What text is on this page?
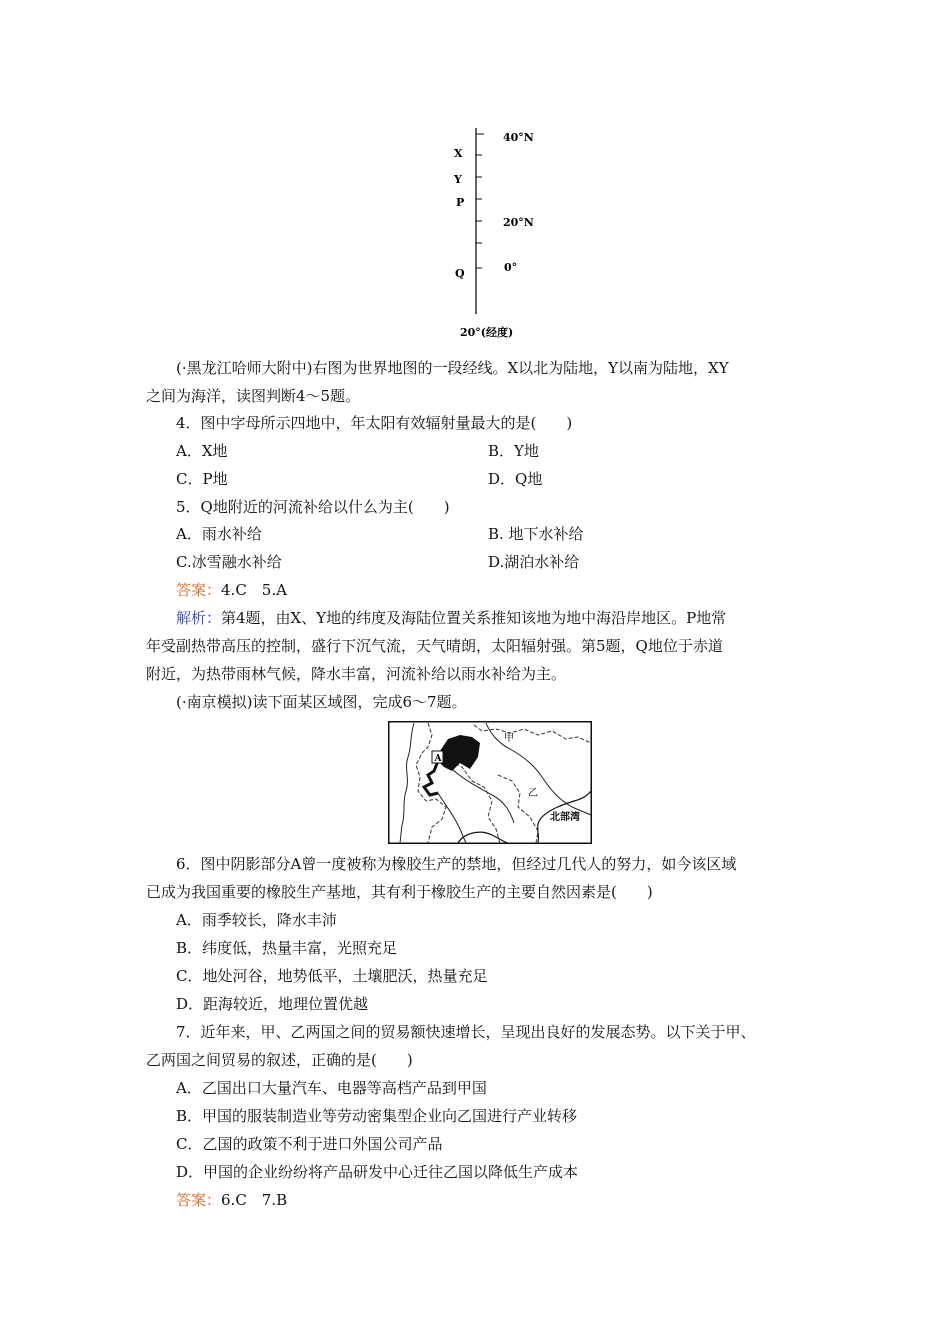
40°N
20°N
0°
X
Y
P
Q
20°(经度)
(·黑龙江哈师大附中)右图为世界地图的一段经线。X以北为陆地，Y以南为陆地，XY
之间为海洋，读图判断4～5题。
4．图中字母所示四地中，年太阳有效辐射量最大的是(　　)
A．X地	B．Y地
C．P地	D．Q地
5．Q地附近的河流补给以什么为主(　　)
A．雨水补给	B. 地下水补给
C.冰雪融水补给	D.湖泊水补给
答案：4.C　5.A
解析：第4题，由X、Y地的纬度及海陆位置关系推知该地为地中海沿岸地区。P地常
年受副热带高压的控制，盛行下沉气流，天气晴朗，太阳辐射强。第5题，Q地位于赤道
附近，为热带雨林气候，降水丰富，河流补给以雨水补给为主。
(·南京模拟)读下面某区域图，完成6～7题。
A
甲
乙
北部湾
6．图中阴影部分A曾一度被称为橡胶生产的禁地，但经过几代人的努力，如今该区域
已成为我国重要的橡胶生产基地，其有利于橡胶生产的主要自然因素是(　　)
A．雨季较长，降水丰沛
B．纬度低，热量丰富，光照充足
C．地处河谷，地势低平，土壤肥沃，热量充足
D．距海较近，地理位置优越
7．近年来，甲、乙两国之间的贸易额快速增长，呈现出良好的发展态势。以下关于甲、
乙两国之间贸易的叙述，正确的是(　　)
A．乙国出口大量汽车、电器等高档产品到甲国
B．甲国的服装制造业等劳动密集型企业向乙国进行产业转移
C．乙国的政策不利于进口外国公司产品
D．甲国的企业纷纷将产品研发中心迁往乙国以降低生产成本
答案：6.C　7.B
